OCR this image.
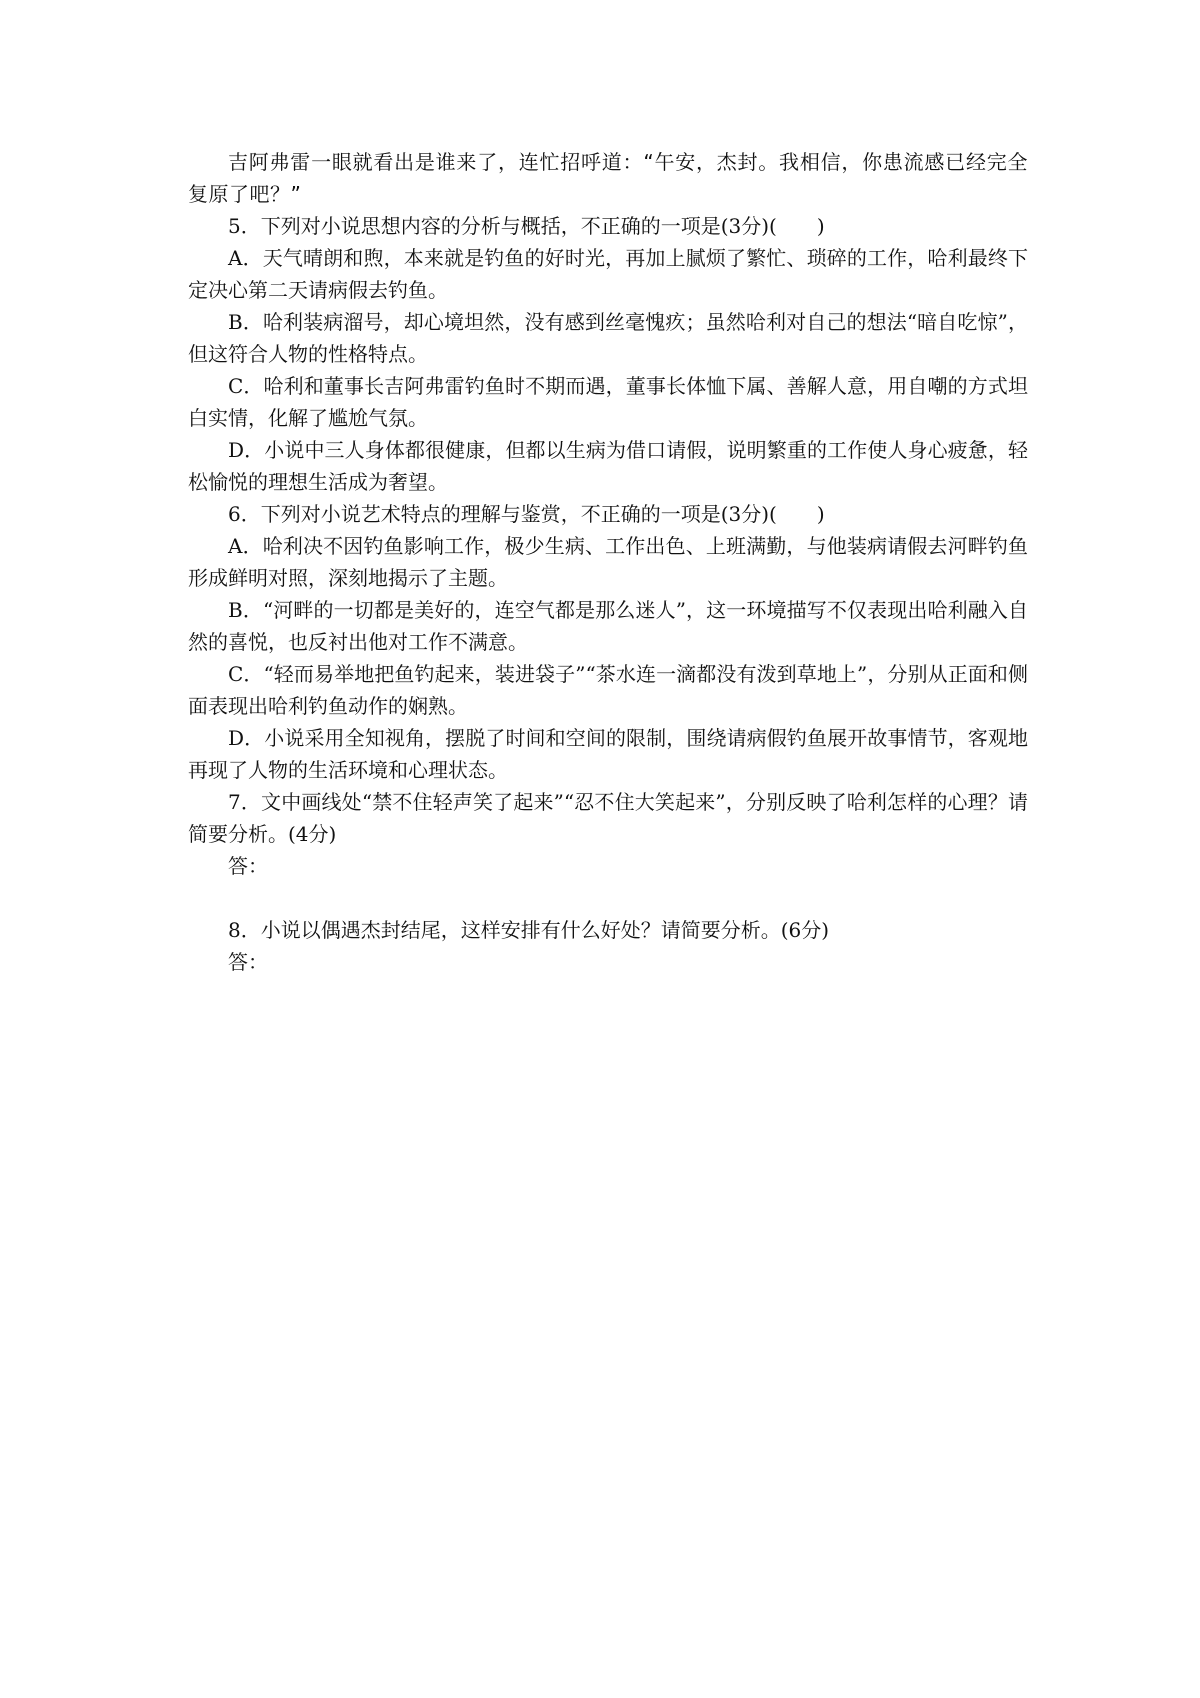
吉阿弗雷一眼就看出是谁来了，连忙招呼道：“午安，杰封。我相信，你患流感已经完全复原了吧？”

5．下列对小说思想内容的分析与概括，不正确的一项是(3分)(　　)

A．天气晴朗和煦，本来就是钓鱼的好时光，再加上腻烦了繁忙、琐碎的工作，哈利最终下定决心第二天请病假去钓鱼。

B．哈利装病溜号，却心境坦然，没有感到丝毫愧疚；虽然哈利对自己的想法“暗自吃惊”，但这符合人物的性格特点。

C．哈利和董事长吉阿弗雷钓鱼时不期而遇，董事长体恤下属、善解人意，用自嘲的方式坦白实情，化解了尴尬气氛。

D．小说中三人身体都很健康，但都以生病为借口请假，说明繁重的工作使人身心疲惫，轻松愉悦的理想生活成为奢望。

6．下列对小说艺术特点的理解与鉴赏，不正确的一项是(3分)(　　)

A．哈利决不因钓鱼影响工作，极少生病、工作出色、上班满勤，与他装病请假去河畔钓鱼形成鲜明对照，深刻地揭示了主题。

B．“河畔的一切都是美好的，连空气都是那么迷人”，这一环境描写不仅表现出哈利融入自然的喜悦，也反衬出他对工作不满意。

C．“轻而易举地把鱼钓起来，装进袋子”“茶水连一滴都没有泼到草地上”，分别从正面和侧面表现出哈利钓鱼动作的娴熟。

D．小说采用全知视角，摆脱了时间和空间的限制，围绕请病假钓鱼展开故事情节，客观地再现了人物的生活环境和心理状态。

7．文中画线处“禁不住轻声笑了起来”“忍不住大笑起来”，分别反映了哈利怎样的心理？请简要分析。(4分)

答：

8．小说以偶遇杰封结尾，这样安排有什么好处？请简要分析。(6分)

答：
